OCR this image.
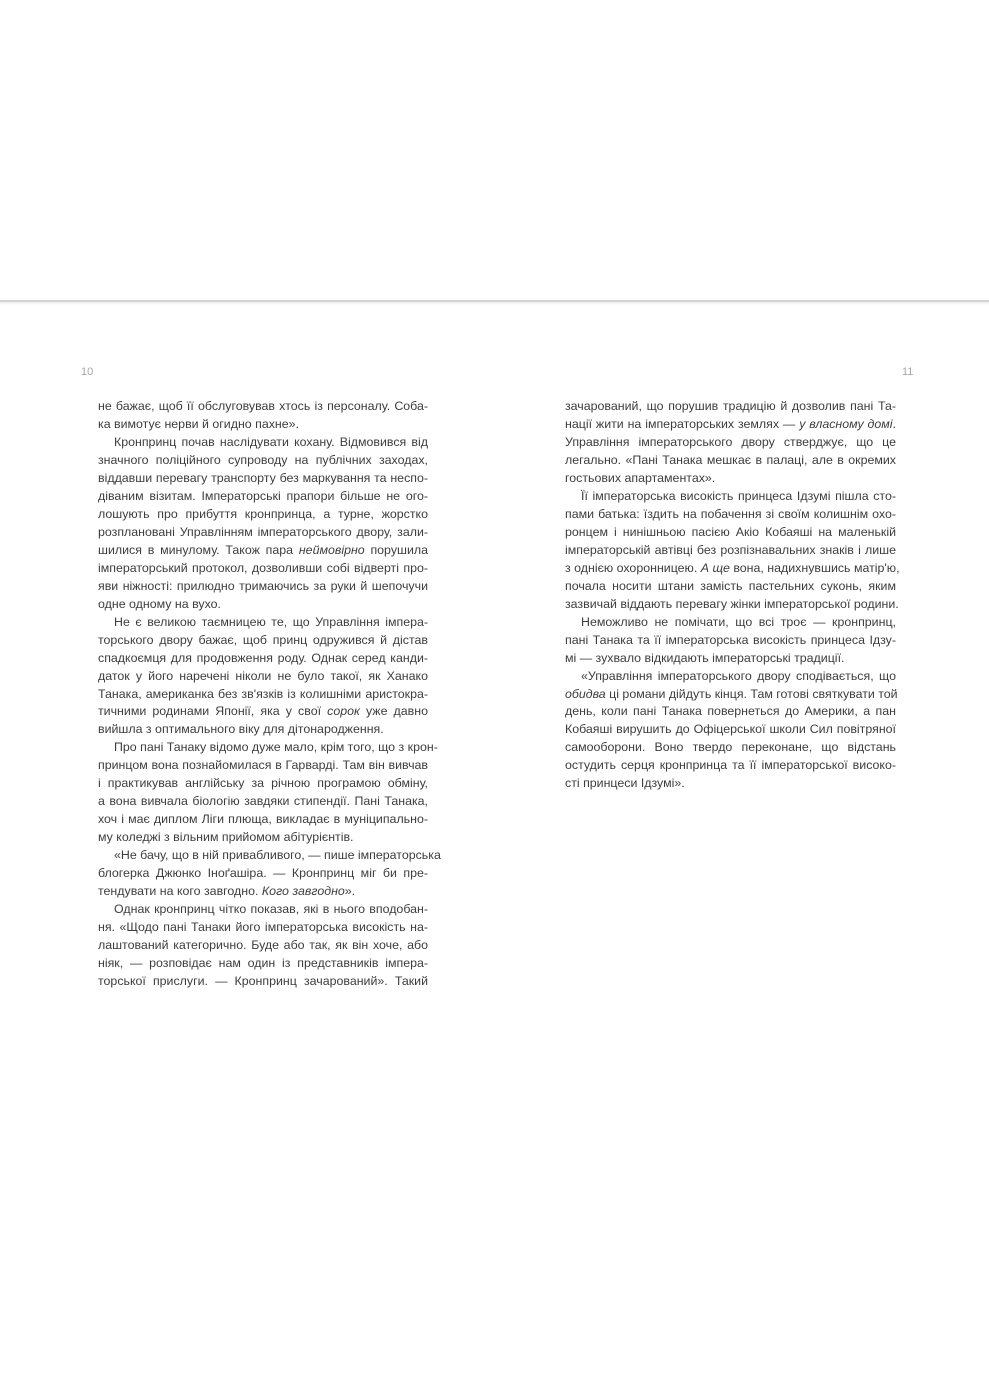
10	11
не бажає, щоб її обслуговував хтось із персоналу. Соба-
ка вимотує нерви й огидно пахне».
Кронпринц почав наслідувати кохану. Відмовився від
значного поліційного супроводу на публічних заходах,
віддавши перевагу транспорту без маркування та неспо-
діваним візитам. Імператорські прапори більше не ого-
лошують про прибуття кронпринца, а турне, жорстко
розплановані Управлінням імператорського двору, зали-
шилися в минулому. Також пара неймовірно порушила
імператорський протокол, дозволивши собі відверті про-
яви ніжності: прилюдно тримаючись за руки й шепочучи
одне одному на вухо.
Не є великою таємницею те, що Управління імпера-
торського двору бажає, щоб принц одружився й дістав
спадкоємця для продовження роду. Однак серед канди-
даток у його наречені ніколи не було такої, як Ханако
Танака, американка без зв'язків із колишніми аристокра-
тичними родинами Японії, яка у свої сорок уже давно
вийшла з оптимального віку для дітонародження.
Про пані Танаку відомо дуже мало, крім того, що з крон-
принцом вона познайомилася в Гарварді. Там він вивчав
і практикував англійську за річною програмою обміну,
а вона вивчала біологію завдяки стипендії. Пані Танака,
хоч і має диплом Ліги плюща, викладає в муніципально-
му коледжі з вільним прийомом абітурієнтів.
«Не бачу, що в ній привабливого, — пише імператорська
блогерка Джюнко Іноґашіра. — Кронпринц міг би пре-
тендувати на кого завгодно. Кого завгодно».
Однак кронпринц чітко показав, які в нього вподобан-
ня. «Щодо пані Танаки його імператорська високість на-
лаштований категорично. Буде або так, як він хоче, або
ніяк, — розповідає нам один із представників імпера-
торської прислуги. — Кронпринц зачарований». Такий
зачарований, що порушив традицію й дозволив пані Та-
нації жити на імператорських землях — у власному домі.
Управління імператорського двору стверджує, що це
легально. «Пані Танака мешкає в палаці, але в окремих
гостьових апартаментах».
Її імператорська високість принцеса Ідзумі пішла сто-
пами батька: їздить на побачення зі своїм колишнім охо-
ронцем і нинішньою пасією Акіо Кобаяші на маленькій
імператорській автівці без розпізнавальних знаків і лише
з однією охоронницею. А ще вона, надихнувшись матір'ю,
почала носити штани замість пастельних суконь, яким
зазвичай віддають перевагу жінки імператорської родини.
Неможливо не помічати, що всі троє — кронпринц,
пані Танака та її імператорська високість принцеса Ідзу-
мі — зухвало відкидають імператорські традиції.
«Управління імператорського двору сподівається, що
обидва ці романи дійдуть кінця. Там готові святкувати той
день, коли пані Танака повернеться до Америки, а пан
Кобаяші вирушить до Офіцерської школи Сил повітряної
самооборони. Воно твердо переконане, що відстань
остудить серця кронпринца та її імператорської високо-
сті принцеси Ідзумі».
